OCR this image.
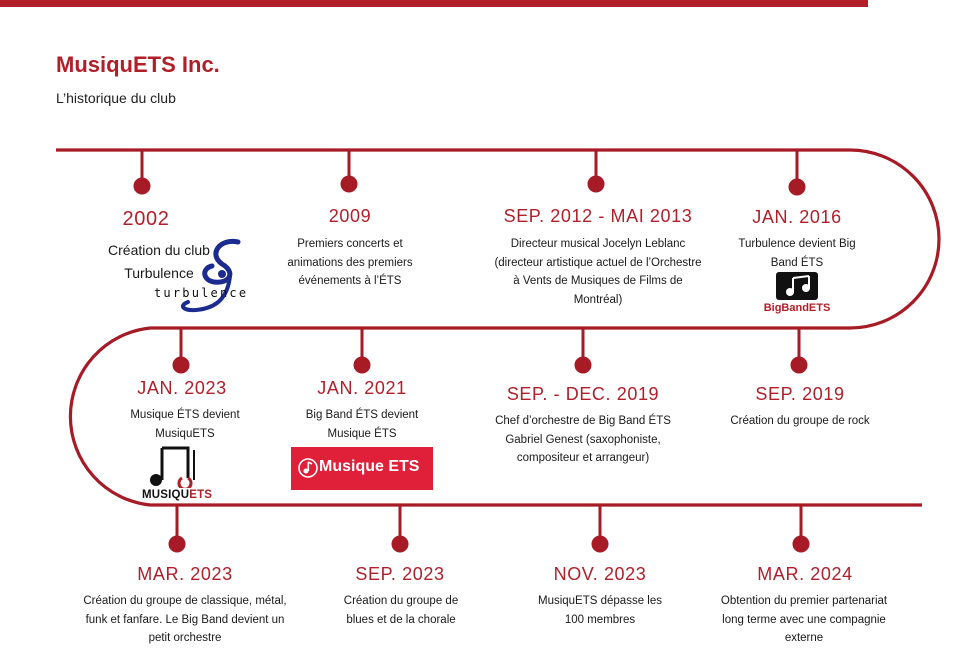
MusiquETS Inc.
L’historique du club
2002
Création du club Turbulence
2009
Premiers concerts et animations des premiers événements à l’ÉTS
SEP. 2012 - MAI 2013
Directeur musical Jocelyn Leblanc (directeur artistique actuel de l’Orchestre à Vents de Musiques de Films de Montréal)
JAN. 2016
Turbulence devient Big Band ÉTS
SEP. 2019
Création du groupe de rock
SEP. - DEC. 2019
Chef d’orchestre de Big Band ÉTS Gabriel Genest (saxophoniste, compositeur et arrangeur)
JAN. 2021
Big Band ÉTS devient Musique ÉTS
JAN. 2023
Musique ÉTS devient MusiquETS
MAR. 2023
Création du groupe de classique, métal, funk et fanfare. Le Big Band devient un petit orchestre
SEP. 2023
Création du groupe de blues et de la chorale
NOV. 2023
MusiquETS dépasse les 100 membres
MAR. 2024
Obtention du premier partenariat long terme avec une compagnie externe
turbulence
BigBandETS
MUSIQUETS
Musique ETS
